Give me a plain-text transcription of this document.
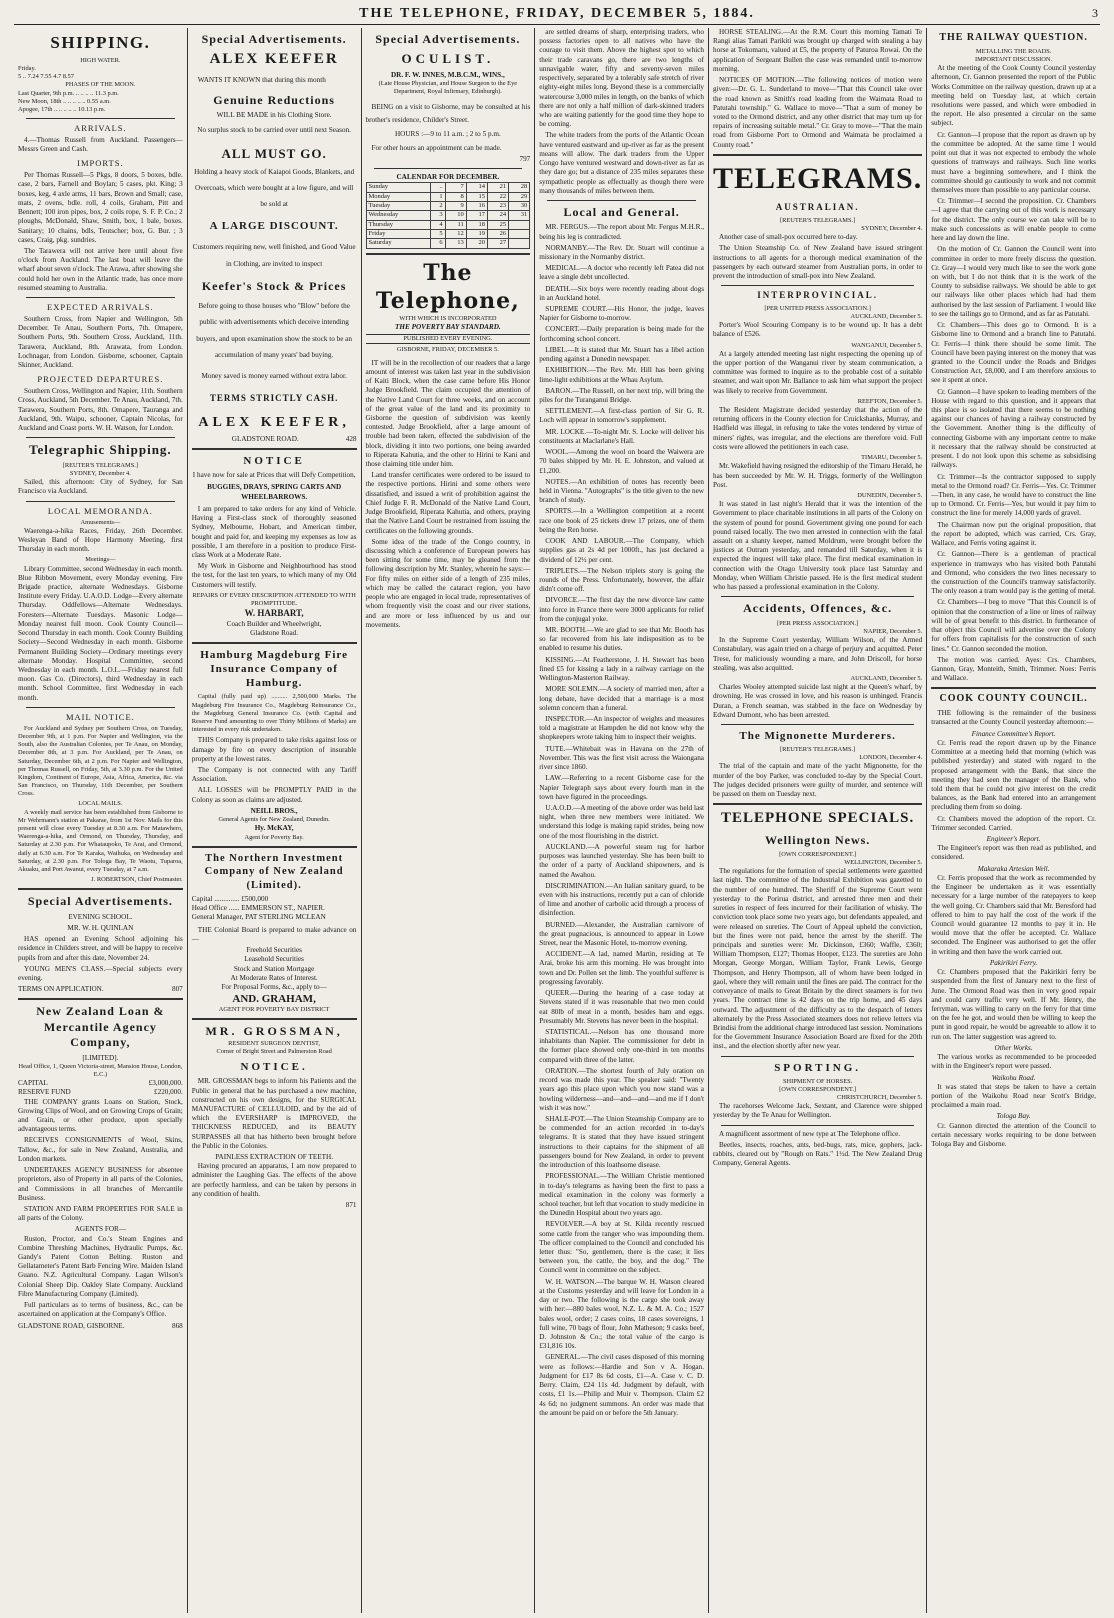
THE TELEPHONE, FRIDAY, DECEMBER 5, 1884.	3
SHIPPING.
HIGH WATER.
Friday.
5 .. 7.24 7.55 4.7 8.57
PHASES OF THE MOON.
Last Quarter, 9th p.m. .. .. .. .. 11.3 p.m.
New Moon, 18th .. .. .. .. .. 0.55 a.m.
Apogee, 17th .. .. .. .. .. 10.13 p.m.
ARRIVALS.

4.—Thomas Russell from Auckland. Passengers—Messrs Green and Cash.

IMPORTS.

Per Thomas Russell—5 Pkgs, 8 doors, 5 boxes, bdle. case, 2 bars, Farnell and Boylan; 5 cases, pkt. King; 3 boxes, keg, 4 axle arms, 11 bars, Brown and Small; case, mats, 2 ovens, bdle. roll, 4 coils, Graham, Pitt and Bennett; 100 iron pipes, box, 2 coils rope, S. F. P. Co.; 2 ploughs, McDonald, Shaw, Smith, box, 1 bale, boxes. Sanitary; 10 chains, bdls, Teutscher; box, G. Bur. ; 3 cases, Craig, pkg. sundries.

The Tarawera will not arrive here until about five o'clock from Auckland. The last boat will leave the wharf about seven o'clock. The Arawa, after showing she could hold her own in the Atlantic trade, has once more resumed steaming to Australia.

EXPECTED ARRIVALS.

Southern Cross, from Napier and Wellington, 5th December. Te Anau, Southern Ports, 7th. Omapere, Southern Ports, 9th. Southern Cross, Auckland, 11th. Tarawera, Auckland, 8th. Arawata, from London. Lochnagar, from London. Gisborne, schooner, Captain Skinner, Auckland.

PROJECTED DEPARTURES.

Southern Cross, Wellington and Napier, 11th. Southern Cross, Auckland, 5th December. Te Anau, Auckland, 7th. Tarawera, Southern Ports, 8th. Omapere, Tauranga and Auckland, 9th. Waipu, schooner, Captain Nicolas, for Auckland and Coast ports. W. H. Watson, for London.

Telegraphic Shipping.
[REUTER'S TELEGRAMS.]
SYDNEY, December 4.

Sailed, this afternoon: City of Sydney, for San Francisco via Auckland.

LOCAL MEMORANDA.
Amusements—

Waerenga-a-hika Races, Friday, 26th December. Wesleyan Band of Hope Harmony Meeting, first Thursday in each month.

Meetings—

Library Committee, second Wednesday in each month. Blue Ribbon Movement, every Monday evening. Fire Brigade practice, alternate Wednesdays. Gisborne Institute every Friday. U.A.O.D. Lodge—Every alternate Thursday. Oddfellows—Alternate Wednesdays. Foresters—Alternate Tuesdays. Masonic Lodge—Monday nearest full moon. Cook County Council—Second Thursday in each month. Cook County Building Society—Second Wednesday in each month. Gisborne Permanent Building Society—Ordinary meetings every alternate Monday. Hospital Committee, second Wednesday in each month. L.O.L.—Friday nearest full moon. Gas Co. (Directors), third Wednesday in each month. School Committee, first Wednesday in each month.

MAIL NOTICE.

For Auckland and Sydney per Southern Cross, on Tuesday, December 9th, at 1 p.m. For Napier and Wellington, via the South, also the Australian Colonies, per Te Anau, on Monday, December 8th, at 3 p.m. For Auckland, per Te Anau, on Saturday, December 6th, at 2 p.m. For Napier and Wellington, per Thomas Russell, on Friday, 5th, at 3.30 p.m. For the United Kingdom, Continent of Europe, Asia, Africa, America, &c. via San Francisco, on Thursday, 11th December, per Southern Cross.

LOCAL MAILS.

A weekly mail service has been established from Gisborne to Mr Wehrmann's station at Pakarae, from 1st Nov. Mails for this present will close every Tuesday at 8.30 a.m. For Matawhero, Waerenga-a-hika, and Ormond, on Thursday, Thursday, and Saturday at 2.30 p.m. For Whataupoko, Te Arai, and Ormond, daily at 6.30 a.m. For Te Karaka, Waihuka, on Wednesday and Saturday, at 2.30 p.m. For Tologa Bay, Te Waotu, Tuparoa, Akuaku, and Port Awanui, every Tuesday, at 7 a.m.

J. ROBERTSON, Chief Postmaster.
Special Advertisements.
EVENING SCHOOL.
MR. W. H. QUINLAN

HAS opened an Evening School adjoining his residence in Childers street, and will be happy to receive pupils from and after this date, November 24.

YOUNG MEN'S CLASS.—Special subjects every evening.

TERMS ON APPLICATION.	807
New Zealand Loan & Mercantile Agency Company,
[LIMITED].
Head Office, 1, Queen Victoria-street, Mansion House, London, E.C.)
CAPITAL	£3,000,000.
RESERVE FUND	£220,000.

THE COMPANY grants Loans on Station, Stock, Growing Clips of Wool, and on Growing Crops of Grain; and Grain, or other produce, upon specially advantageous terms.

RECEIVES CONSIGNMENTS of Wool, Skins, Tallow, &c., for sale in New Zealand, Australia, and London markets.

UNDERTAKES AGENCY BUSINESS for absentee proprietors, also of Property in all parts of the Colonies, and Commissions in all branches of Mercantile Business.

STATION AND FARM PROPERTIES FOR SALE in all parts of the Colony.

AGENTS FOR—

Ruston, Proctor, and Co.'s Steam Engines and Combine Threshing Machines, Hydraulic Pumps, &c. Gandy's Patent Cotton Belting. Ruston and Gellatameter's Patent Barb Fencing Wire. Maiden Island Guano. N.Z. Agricultural Company. Lagan Wilson's Colonial Sheep Dip. Oakley Slate Company. Auckland Fibre Manufacturing Company (Limited).

Full particulars as to terms of business, &c., can be ascertained on application at the Company's Office.

GLADSTONE ROAD, GISBORNE.	868
Special Advertisements.
ALEX KEEFER

WANTS IT KNOWN that during this month

Genuine Reductions
WILL BE MADE in his Clothing Store.
No surplus stock to be carried over until next Season.
ALL MUST GO.
Holding a heavy stock of Kaiapoi Goods, Blankets, and Overcoats, which were bought at a low figure, and will be sold at
A LARGE DISCOUNT.
Customers requiring new, well finished, and Good Value in Clothing, are invited to inspect
Keefer's Stock & Prices
Before going to those houses who "Blow" before the public with advertisements which deceive intending buyers, and upon examination show the stock to be an accumulation of many years' bad buying.
Money saved is money earned without extra labor.
TERMS STRICTLY CASH.
ALEX KEEFER,
GLADSTONE ROAD.	428
NOTICE
I have now for sale at Prices that will Defy Competition,
BUGGIES, DRAYS, SPRING CARTS AND WHEELBARROWS.

I am prepared to take orders for any kind of Vehicle. Having a First-class stock of thoroughly seasoned Sydney, Melbourne, Hobart, and American timber, bought and paid for, and keeping my expenses as low as possible, I am therefore in a position to produce First-class Work at a Moderate Rate.

My Work in Gisborne and Neighbourhood has stood the test, for the last ten years, to which many of my Old Customers will testify.

REPAIRS OF EVERY DESCRIPTION ATTENDED TO WITH PROMPTITUDE.
W. HARBART,
Coach Builder and Wheelwright,
Gladstone Road.
Hamburg Magdeburg Fire Insurance Company of Hamburg.

Capital (fully paid up) .......... 2,500,000 Marks. The Magdeburg Fire Insurance Co., Magdeburg Reinsurance Co., the Magdeburg General Insurance Co. (with Capital and Reserve Fund amounting to over Thirty Millions of Marks) are interested in every risk undertaken.

THIS Company is prepared to take risks against loss or damage by fire on every description of insurable property at the lowest rates.

The Company is not connected with any Tariff Association.

ALL LOSSES will be PROMPTLY PAID in the Colony as soon as claims are adjusted.

NEILL BROS.,
General Agents for New Zealand, Dunedin.
Hy. McKAY,
Agent for Poverty Bay.
The Northern Investment Company of New Zealand (Limited).
Capital .............. £500,000
Head Office ...... EMMERSON ST., NAPIER.
General Manager, PAT STERLING MCLEAN

THE Colonial Board is prepared to make advance on—

Freehold Securities
Leasehold Securities
Stock and Station Mortgage
At Moderate Rates of Interest.
For Proposal Forms, &c., apply to—
AND. GRAHAM,
AGENT FOR POVERTY BAY DISTRICT
MR. GROSSMAN,
RESIDENT SURGEON DENTIST,
Corner of Bright Street and Palmerston Road
NOTICE.

MR. GROSSMAN begs to inform his Patients and the Public in general that he has purchased a new machine, constructed on his own designs, for the SURGICAL MANUFACTURE of CELLULOID, and by the aid of which the EVERSHARP is IMPROVED, the THICKNESS REDUCED, and its BEAUTY SURPASSES all that has hitherto been brought before the Public in the Colonies.

PAINLESS EXTRACTION OF TEETH.

Having procured an apparatus, I am now prepared to administer the Laughing Gas. The effects of the above are perfectly harmless, and can be taken by persons in any condition of health.

871
Special Advertisements.
OCULIST.
DR. F. W. INNES, M.B.C.M., WINS.,
(Late House Physician, and House Surgeon to the Eye Department, Royal Infirmary, Edinburgh).

BEING on a visit to Gisborne, may be consulted at his brother's residence, Childer's Street.

HOURS :—9 to 11 a.m. ; 2 to 5 p.m.

For other hours an appointment can be made.

797
CALENDAR FOR DECEMBER.
Sunday	..	7	14	21	28
Monday	1	8	15	22	29
Tuesday	2	9	16	23	30
Wednesday	3	10	17	24	31
Thursday	4	11	18	25	
Friday	5	12	19	26	
Saturday	6	13	20	27	
The Telephone,
WITH WHICH IS INCORPORATED
THE POVERTY BAY STANDARD.
PUBLISHED EVERY EVENING.
GISBORNE, FRIDAY, DECEMBER 5.

IT will be in the recollection of our readers that a large amount of interest was taken last year in the subdivision of Kaiti Block, when the case came before His Honor Judge Brookfield. The claim occupied the attention of the Native Land Court for three weeks, and on account of the great value of the land and its proximity to Gisborne the question of subdivision was keenly contested. Judge Brookfield, after a large amount of trouble had been taken, effected the subdivision of the block, dividing it into two portions, one being awarded to Riperata Kahutia, and the other to Hirini te Kani and those claiming title under him.

Land transfer certificates were ordered to be issued to the respective portions. Hirini and some others were dissatisfied, and issued a writ of prohibition against the Chief Judge F. R. McDonald of the Native Land Court, Judge Brookfield, Riperata Kahutia, and others, praying that the Native Land Court be restrained from issuing the certificates on the following grounds.

Some idea of the trade of the Congo country, in discussing which a conference of European powers has been sitting for some time, may be gleaned from the following description by Mr. Stanley, wherein he says:—For fifty miles on either side of a length of 235 miles, which may be called the cataract region, you have people who are engaged in local trade, representatives of whom frequently visit the coast and our river stations, and are more or less influenced by us and our movements.

are settled dreams of sharp, enterprising traders, who possess factories open to all natives who have the courage to visit them. Above the highest spot to which their trade caravans go, there are two lengths of unnavigable water, fifty and seventy-seven miles respectively, separated by a tolerably safe stretch of river eighty-eight miles long. Beyond these is a commercially watercourse 3,000 miles in length, on the banks of which there are not only a half million of dark-skinned traders who are waiting patiently for the good time they hope to be coming.

The white traders from the ports of the Atlantic Ocean have ventured eastward and up-river as far as the present means will allow. The dark traders from the Upper Congo have ventured westward and down-river as far as they dare go; but a distance of 235 miles separates these sympathetic people as effectually as though there were many thousands of miles between them.

Local and General.

MR. FERGUS.—The report about Mr. Fergus M.H.R., being his leg is contradicted.

NORMANBY.—The Rev. Dr. Stuart will continue a missionary in the Normanby district.

MEDICAL.—A doctor who recently left Patea did not leave a single debt uncollected.

DEATH.—Six boys were recently reading about dogs in an Auckland hotel.

SUPREME COURT.—His Honor, the judge, leaves Napier for Gisborne to-morrow.

CONCERT.—Daily preparation is being made for the forthcoming school concert.

LIBEL.—It is stated that Mr. Stuart has a libel action pending against a Dunedin newspaper.

EXHIBITION.—The Rev. Mr. Hill has been giving lime-light exhibitions at the Whau Asylum.

BARON.—The Russell, on her next trip, will bring the piles for the Turanganui Bridge.

SETTLEMENT.—A first-class portion of Sir G. R. Loch will appear in tomorrow's supplement.

MR. LOCKE.—To-night Mr. S. Locke will deliver his constituents at Maclarlane's Hall.

WOOL.—Among the wool on board the Waiwera are 70 bales shipped by Mr. H. E. Johnston, and valued at £1,200.

NOTES.—An exhibition of notes has recently been held in Vienna. "Autographs" is the title given to the new branch of study.

SPORTS.—In a Wellington competition at a recent race one book of 25 tickets drew 17 prizes, one of them being the Ren horse.

COOK AND LABOUR.—The Company, which supplies gas at 2s 4d per 1000ft., has just declared a dividend of 12½ per cent.

TRIPLETS.—The Nelson triplets story is going the rounds of the Press. Unfortunately, however, the affair didn't come off.

DIVORCE.—The first day the new divorce law came into force in France there were 3000 applicants for relief from the conjugal yoke.

MR. BOOTH.—We are glad to see that Mr. Booth has so far recovered from his late indisposition as to be enabled to resume his duties.

KISSING.—At Featherstone, J. H. Stewart has been fined £5 for kissing a lady in a railway carriage on the Wellington-Masterton Railway.

MORE SOLEMN.—A society of married men, after a long debate, have decided that a marriage is a most solemn concern than a funeral.

INSPECTOR.—An inspector of weights and measures told a magistrate at Hampden he did not know why the shopkeepers wrote taking him to inspect their weights.

TUTE.—Whitebait was in Havana on the 27th of November. This was the first visit across the Waiongana river since 1860.

LAW.—Referring to a recent Gisborne case for the Napier Telegraph says about every fourth man in the town have figured in the proceedings.

U.A.O.D.—A meeting of the above order was held last night, when three new members were initiated. We understand this lodge is making rapid strides, being now one of the most flourishing in the district.

AUCKLAND.—A powerful steam tug for harbor purposes was launched yesterday. She has been built to the order of a party of Auckland shipowners, and is named the Awahou.

DISCRIMINATION.—An Italian sanitary guard, to be even with his instructions, recently put a can of chloride of lime and another of carbolic acid through a process of disinfection.

BURNED.—Alexander, the Australian carnivore of the great pugnacious, is announced to appear in Lowe Street, near the Masonic Hotel, to-morrow evening.

ACCIDENT.—A lad, named Martin, residing at Te Arai, broke his arm this morning. He was brought into town and Dr. Pollen set the limb. The youthful sufferer is progressing favorably.

QUEER.—During the hearing of a case today at Stevens stated if it was reasonable that two men could eat 80lb of meat in a month, besides ham and eggs. Presumably Mr. Stevens has never been in the hospital.

STATISTICAL.—Nelson has one thousand more inhabitants than Napier. The commissioner for debt in the former place showed only one-third in ten months compared with three of the latter.

ORATION.—The shortest fourth of July oration on record was made this year. The speaker said: "Twenty years ago this place upon which you now stand was a howling wilderness—and—and—and—and me if I don't wish it was now."

SHALE-POT.—The Union Steamship Company are to be commended for an action recorded in to-day's telegrams. It is stated that they have issued stringent instructions to their captains for the shipment of all passengers bound for New Zealand, in order to prevent the introduction of this loathsome disease.

PROFESSIONAL.—The William Christie mentioned in to-day's telegrams as having been the first to pass a medical examination in the colony was formerly a school teacher, but left that vocation to study medicine in the Dunedin Hospital about two years ago.

REVOLVER.—A boy at St. Kilda recently rescued some cattle from the ranger who was impounding them. The officer complained to the Council and concluded his letter thus: "So, gentlemen, there is the case; it lies between you, the cattle, the boy, and the dog." The Council went in committee on the subject.

W. H. WATSON.—The barque W. H. Watson cleared at the Customs yesterday and will leave for London in a day or two. The following is the cargo she took away with her:—880 bales wool, N.Z. L. & M. A. Co.; 1527 bales wool, order; 2 cases coins, 18 cases sovereigns, 1 full wine, 70 bags of flour, John Matheson; 9 casks beef, D. Johnston & Co.; the total value of the cargo is £31,816 10s.

GENERAL.—The civil cases disposed of this morning were as follows:—Hardie and Son v A. Hogan. Judgment for £17 8s 6d costs, £1—A. Case v. C. D. Berry. Claim, £24 11s 4d. Judgment by default, with costs, £1 1s.—Philip and Muir v. Thompson. Claim £2 4s 6d; no judgment summons. An order was made that the amount be paid on or before the 5th January.

HORSE STEALING.—At the R.M. Court this morning Tamati Te Rangi alias Tamati Parikiti was brought up charged with stealing a bay horse at Tokomaru, valued at £5, the property of Paturoa Rowai. On the application of Sergeant Bullen the case was remanded until to-morrow morning.

NOTICES OF MOTION.—The following notices of motion were given:—Dr. G. L. Sunderland to move—"That this Council take over the road known as Smith's road leading from the Waimata Road to Patutahi township." G. Wallace to move—"That a sum of money be voted to the Ormond district, and any other district that may turn up for repairs of increasing suitable metal." Cr. Gray to move—"That the main road from Gisborne Port to Ormond and Waimata be proclaimed a County road."

TELEGRAMS.
AUSTRALIAN.
[REUTER'S TELEGRAMS.]
SYDNEY, December 4.

Another case of small-pox occurred here to-day.

The Union Steamship Co. of New Zealand have issued stringent instructions to all agents for a thorough medical examination of the passengers by each outward steamer from Australian ports, in order to prevent the introduction of small-pox into New Zealand.

INTERPROVINCIAL.
[PER UNITED PRESS ASSOCIATION.]
AUCKLAND, December 5.

Porter's Wool Scouring Company is to be wound up. It has a debt balance of £526.

WANGANUI, December 5.

At a largely attended meeting last night respecting the opening up of the upper portion of the Wanganui river by steam communication, a committee was formed to inquire as to the probable cost of a suitable steamer, and wait upon Mr. Ballance to ask him what support the project was likely to receive from Government.

REEFTON, December 5.

The Resident Magistrate decided yesterday that the action of the returning officers in the County election for Cruickshanks, Murray, and Hadfield was illegal, in refusing to take the votes tendered by virtue of miners' rights, was irregular, and the elections are therefore void. Full costs were allowed the petitioners in each case.

TIMARU, December 5.

Mr. Wakefield having resigned the editorship of the Timaru Herald, he has been succeeded by Mr. W. H. Triggs, formerly of the Wellington Post.

DUNEDIN, December 5.

It was stated in last night's Herald that it was the intention of the Government to place charitable institutions in all parts of the Colony on the system of pound for pound. Government giving one pound for each pound raised locally. The two men arrested in connection with the fatal assault on a shanty keeper, named Moldrum, were brought before the justices at Outram yesterday, and remanded till Saturday, when it is expected the inquest will take place. The first medical examination in connection with the Otago University took place last Saturday and Monday, when William Christie passed. He is the first medical student who has passed a professional examination in the Colony.

Accidents, Offences, &c.
[PER PRESS ASSOCIATION.]
NAPIER, December 5.

In the Supreme Court yesterday, William Wilson, of the Armed Constabulary, was again tried on a charge of perjury and acquitted. Peter Trese, for maliciously wounding a mare, and John Driscoll, for horse stealing, was also acquitted.

AUCKLAND, December 5.

Charles Wooley attempted suicide last night at the Queen's wharf, by drowning. He was crossed in love, and his reason is unhinged. Francis Duran, a French seaman, was stabbed in the face on Wednesday by Edward Dumont, who has been arrested.

The Mignonette Murderers.
[REUTER'S TELEGRAMS.]
LONDON, December 4.

The trial of the captain and mate of the yacht Mignonette, for the murder of the boy Parker, was concluded to-day by the Special Court. The judges decided prisoners were guilty of murder, and sentence will be passed on them on Tuesday next.

TELEPHONE SPECIALS.
Wellington News.
[OWN CORRESPONDENT.]
WELLINGTON, December 5.

The regulations for the formation of special settlements were gazetted last night. The committee of the Industrial Exhibition was gazetted to the number of one hundred. The Sheriff of the Supreme Court went yesterday to the Porirua district, and arrested three men and their sureties in respect of fees incurred for their facilitation of whisky. The conviction took place some two years ago, but defendants appealed, and were released on sureties. The Court of Appeal upheld the conviction, but the fines were not paid, hence the arrest by the sheriff. The principals and sureties were: Mr. Dickinson, £360; Waffle, £360; William Thompson, £127; Thomas Hooper, £123. The sureties are John Morgan, George Morgan, William Taylor, Frank Lewis, George Thompson, and Henry Thompson, all of whom have been lodged in gaol, where they will remain until the fines are paid. The contract for the conveyance of mails to Great Britain by the direct steamers is for two years. The contract time is 42 days on the trip home, and 45 days outward. The adjustment of the difficulty as to the despatch of letters alternately by the Press Associated steamers does not relieve letters via Brindisi from the additional charge introduced last session. Nominations for the Government Insurance Association Board are fixed for the 20th inst., and the election shortly after new year.

SPORTING.
SHIPMENT OF HORSES.
[OWN CORRESPONDENT.]
CHRISTCHURCH, December 5.

The racehorses Welcome Jack, Sextant, and Clarence were shipped yesterday by the Te Anau for Wellington.

A magnificent assortment of new type at The Telephone office.

Beetles, insects, roaches, ants, bed-bugs, rats, mice, gophers, jack-rabbits, cleared out by "Rough on Rats." 1½d. The New Zealand Drug Company, General Agents.

THE RAILWAY QUESTION.
METALLING THE ROADS.
IMPORTANT DISCUSSION.

At the meeting of the Cook County Council yesterday afternoon, Cr. Gannon presented the report of the Public Works Committee on the railway question, drawn up at a meeting held on Tuesday last, at which certain resolutions were passed, and which were embodied in the report. He also presented a circular on the same subject.

Cr. Gannon—I propose that the report as drawn up by the committee be adopted. At the same time I would point out that it was not expected to embody the whole questions of tramways and railways. Such line works must have a beginning somewhere, and I think the committee should go cautiously to work and not commit themselves more than possible to any particular course.

Cr. Trimmer—I second the proposition. Cr. Chambers—I agree that the carrying out of this work is necessary for the district. The only course we can take will be to make such concessions as will enable people to come here and lay down the line.

On the motion of Cr. Gannon the Council went into committee in order to more freely discuss the question. Cr. Gray—I would very much like to see the work gone on with, but I do not think that it is the work of the County to subsidise railways. We should be able to get our railways like other places which had had them authorised by the last session of Parliament. I would like to see the tailings go to Ormond, and as far as Patutahi.

Cr. Chambers—This does go to Ormond. It is a Gisborne line to Ormond and a branch line to Patutahi. Cr. Ferris—I think there should be some limit. The Council have been paying interest on the money that was granted to the Council under the Roads and Bridges Construction Act, £8,000, and I am therefore anxious to see it spent at once.

Cr. Gannon—I have spoken to leading members of the House with regard to this question, and it appears that this place is so isolated that there seems to be nothing against our chances of having a railway constructed by the Government. Another thing is the difficulty of connecting Gisborne with any important centre to make it necessary that the railway should be constructed at present. I do not look upon this scheme as subsidising railways.

Cr. Trimmer—Is the contractor supposed to supply metal to the Ormond road? Cr. Ferris—Yes. Cr. Trimmer—Then, in any case, he would have to construct the line up to Ormond. Cr. Ferris—Yes, but would it pay him to construct the line for merely 14,000 yards of gravel.

The Chairman now put the original proposition, that the report be adopted, which was carried, Crs. Gray, Wallace, and Ferris voting against it.

Cr. Gannon—There is a gentleman of practical experience in tramways who has visited both Patutahi and Ormond, who considers the two lines necessary to the construction of the Council's tramway satisfactorily. The only reason a tram would pay is the getting of metal.

Cr. Chambers—I beg to move "That this Council is of opinion that the construction of a line or lines of railway will be of great benefit to this district. In furtherance of that object this Council will advertise over the Colony for offers from capitalists for the construction of such lines." Cr. Gannon seconded the motion.

The motion was carried. Ayes: Crs. Chambers, Gannon, Gray, Monteith, Smith, Trimmer. Noes: Ferris and Wallace.

COOK COUNTY COUNCIL.

THE following is the remainder of the business transacted at the County Council yesterday afternoon:—

Finance Committee's Report.

Cr. Ferris read the report drawn up by the Finance Committee at a meeting held that morning (which was published yesterday) and stated with regard to the proposed arrangement with the Bank, that since the meeting they had seen the manager of the Bank, who told them that he could not give interest on the credit balances, as the Bank had entered into an arrangement precluding them from so doing.

Cr. Chambers moved the adoption of the report. Cr. Trimmer seconded. Carried.

Engineer's Report.

The Engineer's report was then read as published, and considered.

Makaraka Artesian Well.

Cr. Ferris proposed that the work as recommended by the Engineer be undertaken as it was essentially necessary for a large number of the ratepayers to keep the well going. Cr. Chambers said that Mr. Beresford had offered to him to pay half the cost of the work if the Council would guarantee 12 months to pay it in. He would move that the offer be accepted. Cr. Wallace seconded. The Engineer was authorised to get the offer in writing and then have the work carried out.

Pakirikiri Ferry.

Cr. Chambers proposed that the Pakirikiri ferry be suspended from the first of January next to the first of June. The Ormond Road was then in very good repair and could carry traffic very well. If Mr. Henry, the ferryman, was willing to carry on the ferry for that time on the fee he got, and would then be willing to keep the punt in good repair, he would be agreeable to allow it to run on. The latter suggestion was agreed to.

Other Works.

The various works as recommended to be proceeded with in the Engineer's report were passed.

Waikohu Road.

It was stated that steps be taken to have a certain portion of the Waikohu Road near Scott's Bridge, proclaimed a main road.

Tologa Bay.

Cr. Gannon directed the attention of the Council to certain necessary works requiring to be done between Tologa Bay and Gisborne.
